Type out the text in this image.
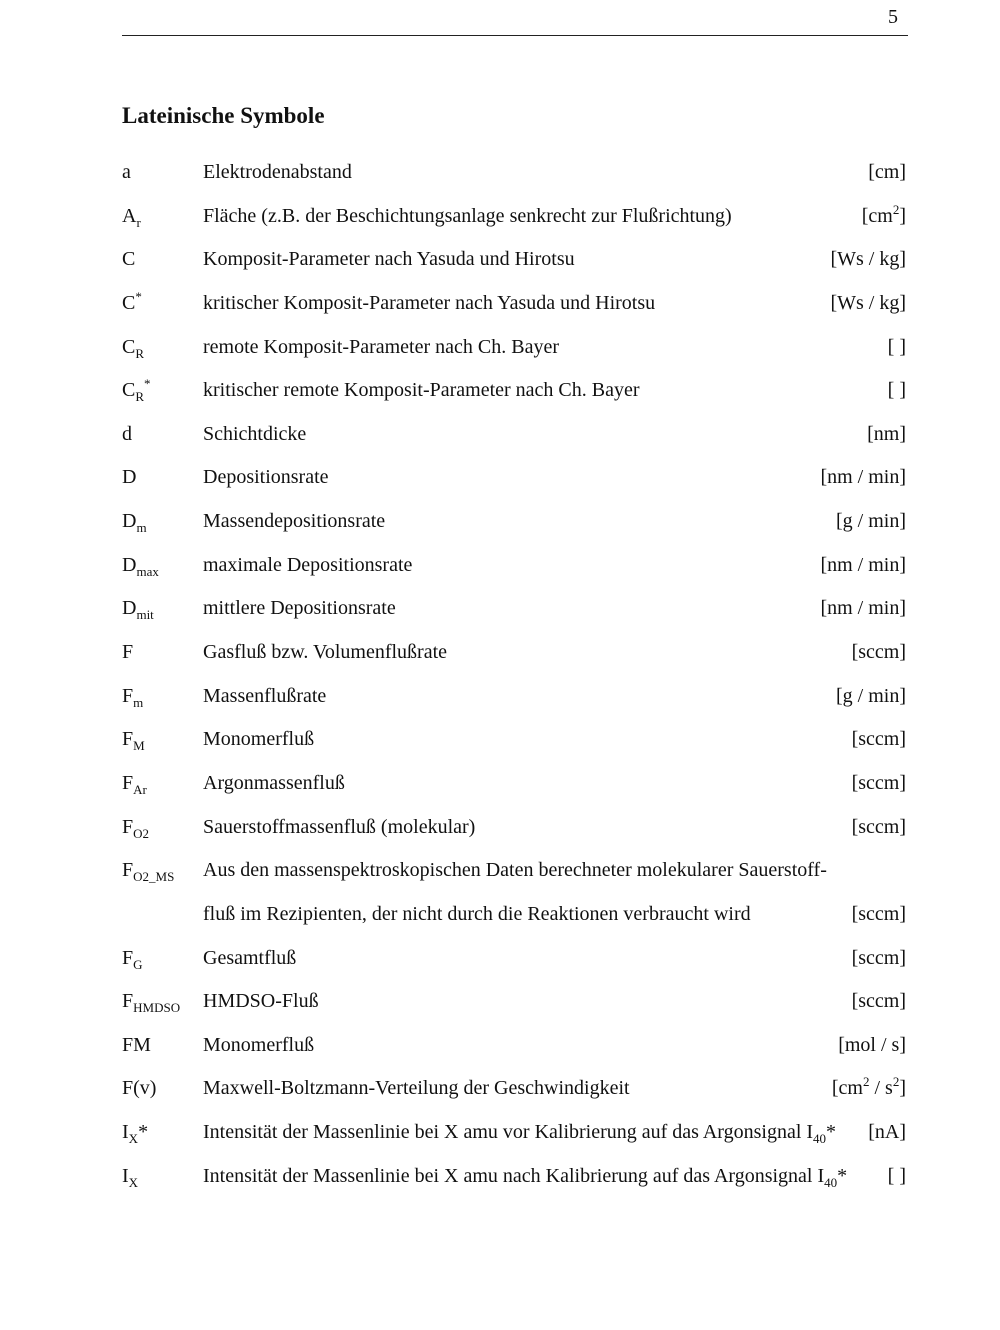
5
Lateinische Symbole
a	Elektrodenabstand	[cm]
$A_r$	Fläche (z.B. der Beschichtungsanlage senkrecht zur Flußrichtung)	$[cm^2]$
C	Komposit-Parameter nach Yasuda und Hirotsu	[Ws / kg]
C*	kritischer Komposit-Parameter nach Yasuda und Hirotsu	[Ws / kg]
$C_R$	remote Komposit-Parameter nach Ch. Bayer	[ ]
$C_R^*$	kritischer remote Komposit-Parameter nach Ch. Bayer	[ ]
d	Schichtdicke	[nm]
D	Depositionsrate	[nm / min]
$D_m$	Massendepositionsrate	[g / min]
$D_{max}$ maximale Depositionsrate	[nm / min]
$D_{mit}$ mittlere Depositionsrate	[nm / min]
F	Gasfluß bzw. Volumenflußrate	[sccm]
$F_m$	Massenflußrate	[g / min]
$F_M$	Monomerfluß	[sccm]
$F_{Ar}$	Argonmassenfluß	[sccm]
$F_{O2}$	Sauerstoffmassenfluß (molekular)	[sccm]
$F_{O2\_MS}$ Aus den massenspektroskopischen Daten berechneter molekularer Sauerstoff-
fluß im Rezipienten, der nicht durch die Reaktionen verbraucht wird	[sccm]
$F_G$	Gesamtfluß	[sccm]
$F_{HMDSO}$ HMDSO-Fluß	[sccm]
FM	Monomerfluß	[mol / s]
F(v) Maxwell-Boltzmann-Verteilung der Geschwindigkeit	$[cm^2 / s^2]$
$I_X*$	Intensität der Massenlinie bei X amu vor Kalibrierung auf das Argonsignal $I_{40}*$ [nA]
$I_X$	Intensität der Massenlinie bei X amu nach Kalibrierung auf das Argonsignal $I_{40}*$ [ ]
